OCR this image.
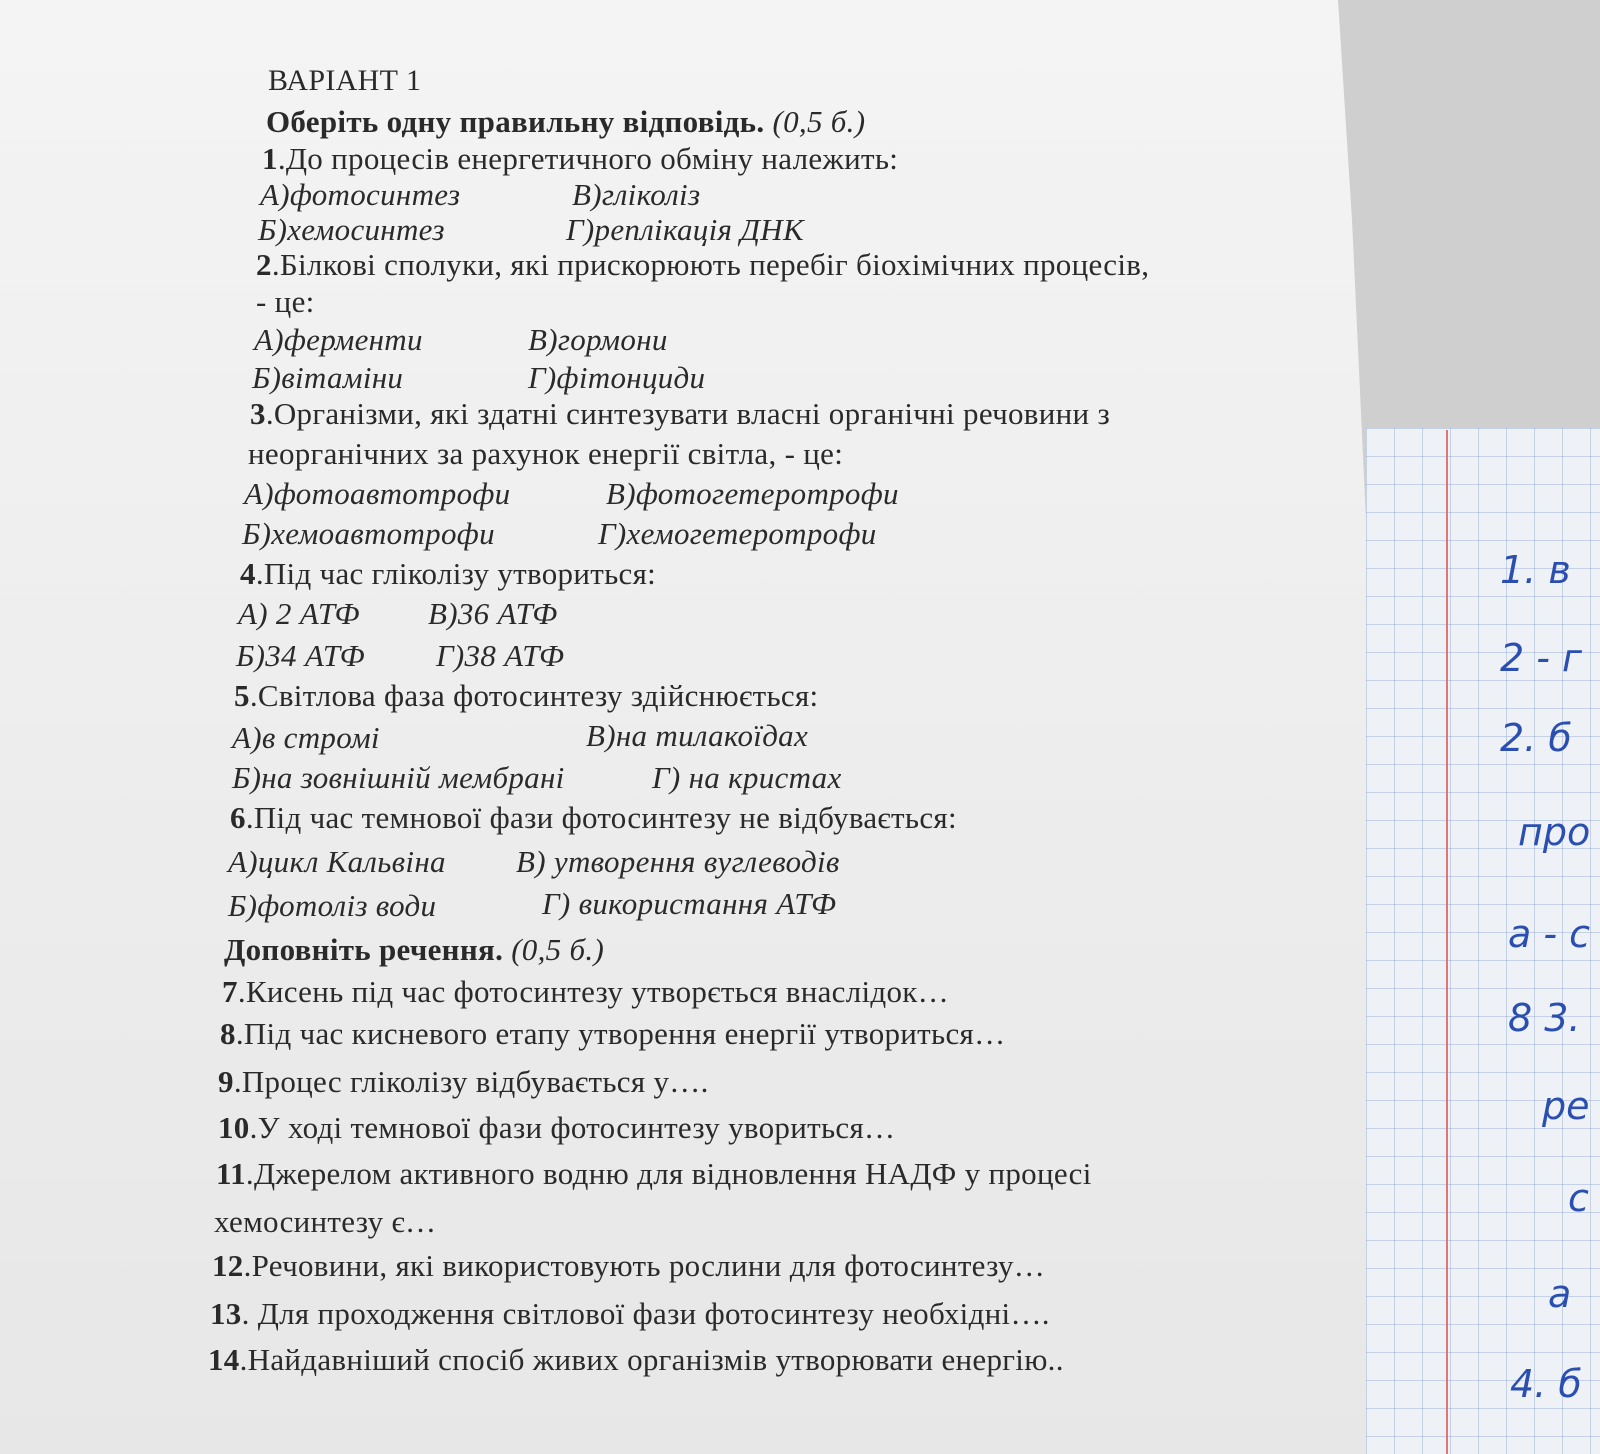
1. в
2 - г
2. б
про
а - с
8 3.
ре
с
а
4. б
ВАРІАНТ 1
Оберіть одну правильну відповідь. (0,5 б.)
1.До процесів енергетичного обміну належить:
А)фотосинтез	В)гліколіз
Б)хемосинтез	Г)реплікація ДНК
2.Білкові сполуки, які прискорюють перебіг біохімічних процесів,
- це:
А)ферменти	В)гормони
Б)вітаміни	Г)фітонциди
3.Організми, які здатні синтезувати власні органічні речовини з
неорганічних за рахунок енергії світла, - це:
А)фотоавтотрофи	В)фотогетеротрофи
Б)хемоавтотрофи	Г)хемогетеротрофи
4.Під час гліколізу утвориться:
А) 2 АТФ В)36 АТФ
Б)34 АТФ Г)38 АТФ
5.Світлова фаза фотосинтезу здійснюється:
А)в стромі	В)на тилакоїдах
Б)на зовнішній мембрані	Г) на кристах
6.Під час темнової фази фотосинтезу не відбувається:
А)цикл Кальвіна В) утворення вуглеводів
Б)фотоліз води	Г) використання АТФ
Доповніть речення. (0,5 б.)
7.Кисень під час фотосинтезу утворється внаслідок…
8.Під час кисневого етапу утворення енергії утвориться…
9.Процес гліколізу відбувається у….
10.У ході темнової фази фотосинтезу увориться…
11.Джерелом активного водню для відновлення НАДФ у процесі
хемосинтезу є…
12.Речовини, які використовують рослини для фотосинтезу…
13. Для проходження світлової фази фотосинтезу необхідні….
14.Найдавніший спосіб живих організмів утворювати енергію..
